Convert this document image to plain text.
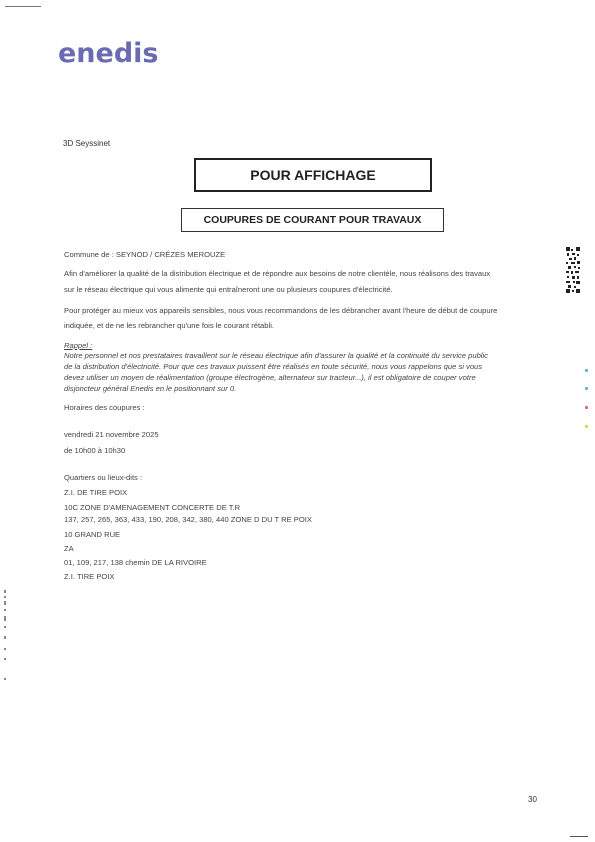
enedis
3D Seyssinet
POUR AFFICHAGE
COUPURES DE COURANT POUR TRAVAUX
Commune de : SEYNOD / CRÉZES MEROUZE
Afin d'améliorer la qualité de la distribution électrique et de répondre aux besoins de notre clientèle, nous réalisons des travaux
sur le réseau électrique qui vous alimente qui entraîneront une ou plusieurs coupures d'électricité.
Pour protéger au mieux vos appareils sensibles, nous vous recommandons de les débrancher avant l'heure de début de coupure
indiquée, et de ne les rebrancher qu'une fois le courant rétabli.
Rappel :
Notre personnel et nos prestataires travaillent sur le réseau électrique afin d'assurer la qualité et la continuité du service public
de la distribution d'électricité. Pour que ces travaux puissent être réalisés en toute sécurité, nous vous rappelons que si vous
devez utiliser un moyen de réalimentation (groupe électrogène, alternateur sur tracteur...), il est obligatoire de couper votre
disjoncteur général Enedis en le positionnant sur 0.
Horaires des coupures :
vendredi 21 novembre 2025
de 10h00 à 10h30
Quartiers ou lieux-dits :
Z.I. DE TIRE POIX
10C ZONE D'AMENAGEMENT CONCERTE DE T.R
137, 257, 265, 363, 433, 190, 208, 342, 380, 440 ZONE D DU T RE POIX
10 GRAND RUE
ZA
01, 109, 217, 138 chemin DE LA RIVOIRE
Z.I. TIRE POIX
30
